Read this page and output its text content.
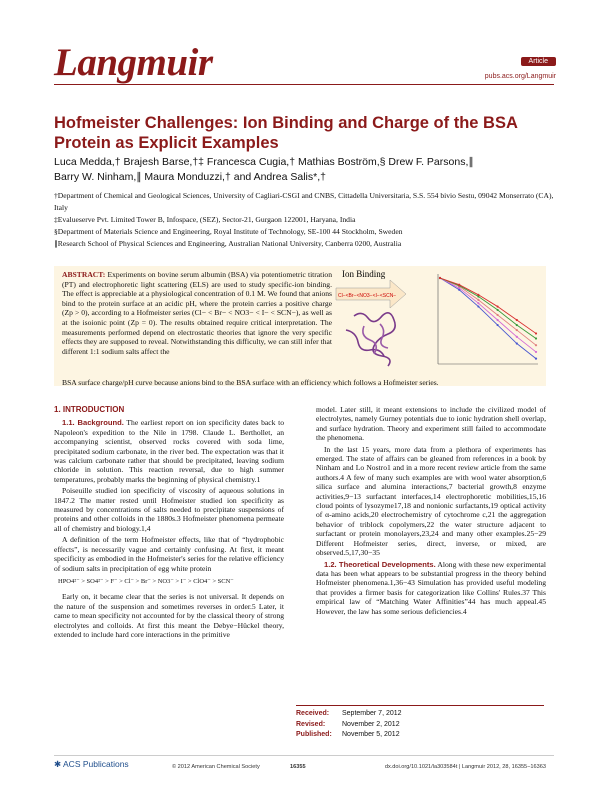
Langmuir	Article
pubs.acs.org/Langmuir
Hofmeister Challenges: Ion Binding and Charge of the BSA Protein as Explicit Examples
Luca Medda,† Brajesh Barse,†‡ Francesca Cugia,† Mathias Boström,§ Drew F. Parsons,∥
Barry W. Ninham,∥ Maura Monduzzi,† and Andrea Salis*,†

†Department of Chemical and Geological Sciences, University of Cagliari-CSGI and CNBS, Cittadella Universitaria, S.S. 554 bivio Sestu, 09042 Monserrato (CA), Italy

‡Evalueserve Pvt. Limited Tower B, Infospace, (SEZ), Sector-21, Gurgaon 122001, Haryana, India

§Department of Materials Science and Engineering, Royal Institute of Technology, SE-100 44 Stockholm, Sweden

∥Research School of Physical Sciences and Engineering, Australian National University, Canberra 0200, Australia

ABSTRACT: Experiments on bovine serum albumin (BSA) via potentiometric titration (PT) and electrophoretic light scattering (ELS) are used to study specific-ion binding. The effect is appreciable at a physiological concentration of 0.1 M. We found that anions bind to the protein surface at an acidic pH, where the protein carries a positive charge (Zp > 0), according to a Hofmeister series (Cl− < Br− < NO3− < I− < SCN−), as well as at the isoionic point (Zp = 0). The results obtained require critical interpretation. The measurements performed depend on electrostatic theories that ignore the very specific effects they are supposed to reveal. Notwithstanding this difficulty, we can still infer that different 1:1 sodium salts affect the
BSA surface charge/pH curve because anions bind to the BSA surface with an efficiency which follows a Hofmeister series.
Ion Binding
Cl−<Br−<NO3−<I−<SCN−
1. INTRODUCTION

1.1. Background. The earliest report on ion specificity dates back to Napoleon's expedition to the Nile in 1798. Claude L. Berthollet, an accompanying scientist, observed rocks covered with soda lime, precipitated sodium carbonate, in the river bed. The expectation was that it was calcium carbonate rather that should be precipitated, leaving sodium chloride in solution. This reaction reversal, due to high summer temperatures, probably marks the beginning of physical chemistry.1

Poiseuille studied ion specificity of viscosity of aqueous solutions in 1847.2 The matter rested until Hofmeister studied ion specificity as measured by concentrations of salts needed to precipitate suspensions of proteins and other colloids in the 1880s.3 Hofmeister phenomena permeate all of chemistry and biology.1,4

A definition of the term Hofmeister effects, like that of “hydrophobic effects”, is necessarily vague and certainly confusing. At first, it meant specificity as embodied in the Hofmeister's series for the relative efficiency of sodium salts in precipitation of egg white protein

HPO4²⁻ > SO4²⁻ > F⁻ > Cl⁻ > Br⁻ > NO3⁻ > I⁻ > ClO4⁻ > SCN⁻

Early on, it became clear that the series is not universal. It depends on the nature of the suspension and sometimes reverses in order.5 Later, it came to mean specificity not accounted for by the classical theory of strong electrolytes and colloids. At first this meant the Debye−Hückel theory, extended to include hard core interactions in the primitive

model. Later still, it meant extensions to include the civilized model of electrolytes, namely Gurney potentials due to ionic hydration shell overlap, and surface hydration. Theory and experiment still failed to accommodate the phenomena.

In the last 15 years, more data from a plethora of experiments has emerged. The state of affairs can be gleaned from references in a book by Ninham and Lo Nostro1 and in a more recent review article from the same authors.4 A few of many such examples are with wool water absorption,6 silica surface and alumina interactions,7 bacterial growth,8 enzyme activities,9−13 surfactant interfaces,14 electrophoretic mobilities,15,16 cloud points of lysozyme17,18 and nonionic surfactants,19 optical activity of α-amino acids,20 electrochemistry of cytochrome c,21 the aggregation behavior of triblock copolymers,22 the water structure adjacent to surfactant or protein monolayers,23,24 and many other examples.25−29 Different Hofmeister series, direct, inverse, or mixed, are observed.5,17,30−35

1.2. Theoretical Developments. Along with these new experimental data has been what appears to be substantial progress in the theory behind Hofmeister phenomena.1,36−43 Simulation has provided useful modeling that provides a firmer basis for categorization like Collins' Rules.37 This empirical law of “Matching Water Affinities”44 has much appeal.45 However, the law has some serious deficiencies.4

Received: September 7, 2012
Revised: November 2, 2012
Published: November 5, 2012
✱ ACS Publications	© 2012 American Chemical Society	16355	dx.doi.org/10.1021/la303584t | Langmuir 2012, 28, 16355−16363
